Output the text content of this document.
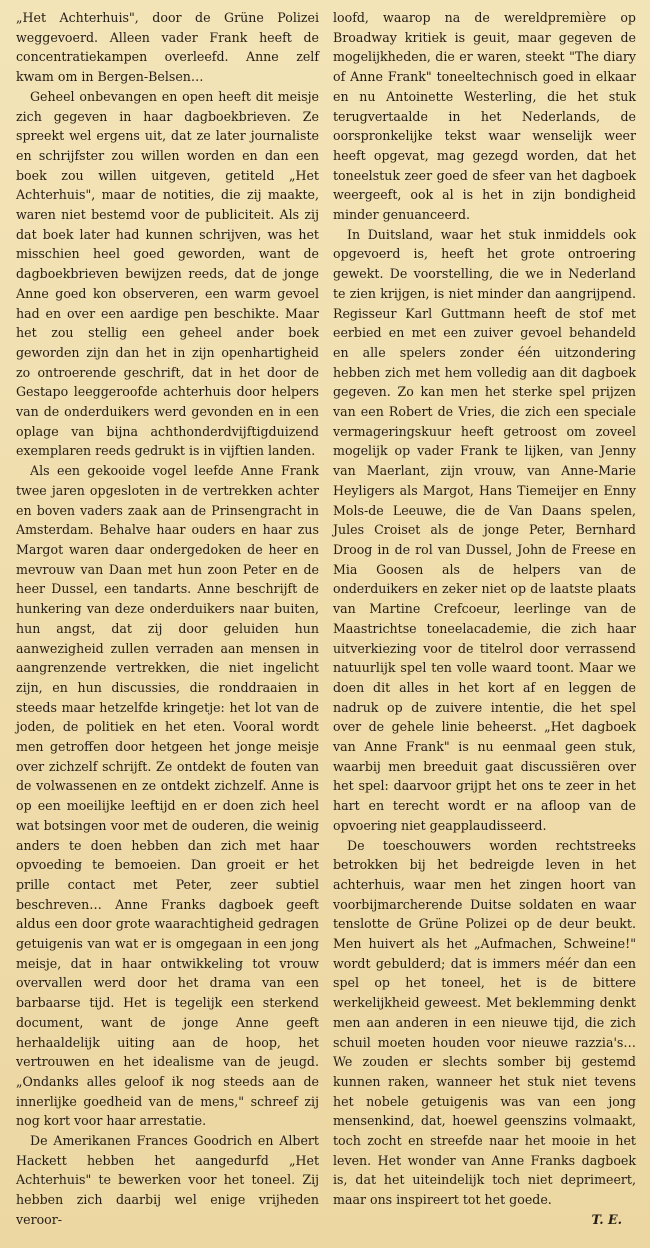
„Het Achterhuis", door de Grüne Polizei weggevoerd. Alleen vader Frank heeft de concentratiekampen overleefd. Anne zelf kwam om in Bergen-Belsen…

Geheel onbevangen en open heeft dit meisje zich gegeven in haar dagboekbrieven. Ze spreekt wel ergens uit, dat ze later journaliste en schrijfster zou willen worden en dan een boek zou willen uitgeven, getiteld „Het Achterhuis", maar de notities, die zij maakte, waren niet bestemd voor de publiciteit. Als zij dat boek later had kunnen schrijven, was het misschien heel goed geworden, want de dagboekbrieven bewijzen reeds, dat de jonge Anne goed kon observeren, een warm gevoel had en over een aardige pen beschikte. Maar het zou stellig een geheel ander boek geworden zijn dan het in zijn openhartigheid zo ontroerende geschrift, dat in het door de Gestapo leeggeroofde achterhuis door helpers van de onderduikers werd gevonden en in een oplage van bijna achthonderdvijftigduizend exemplaren reeds gedrukt is in vijftien landen.

Als een gekooide vogel leefde Anne Frank twee jaren opgesloten in de vertrekken achter en boven vaders zaak aan de Prinsengracht in Amsterdam. Behalve haar ouders en haar zus Margot waren daar ondergedoken de heer en mevrouw van Daan met hun zoon Peter en de heer Dussel, een tandarts. Anne beschrijft de hunkering van deze onderduikers naar buiten, hun angst, dat zij door geluiden hun aanwezigheid zullen verraden aan mensen in aangrenzende vertrekken, die niet ingelicht zijn, en hun discussies, die ronddraaien in steeds maar hetzelfde kringetje: het lot van de joden, de politiek en het eten. Vooral wordt men getroffen door hetgeen het jonge meisje over zichzelf schrijft. Ze ontdekt de fouten van de volwassenen en ze ontdekt zichzelf. Anne is op een moeilijke leeftijd en er doen zich heel wat botsingen voor met de ouderen, die weinig anders te doen hebben dan zich met haar opvoeding te bemoeien. Dan groeit er het prille contact met Peter, zeer subtiel beschreven… Anne Franks dagboek geeft aldus een door grote waarachtigheid gedragen getuigenis van wat er is omgegaan in een jong meisje, dat in haar ontwikkeling tot vrouw overvallen werd door het drama van een barbaarse tijd. Het is tegelijk een sterkend document, want de jonge Anne geeft herhaaldelijk uiting aan de hoop, het vertrouwen en het idealisme van de jeugd. „Ondanks alles geloof ik nog steeds aan de innerlijke goedheid van de mens," schreef zij nog kort voor haar arrestatie.

De Amerikanen Frances Goodrich en Albert Hackett hebben het aangedurfd „Het Achterhuis" te bewerken voor het toneel. Zij hebben zich daarbij wel enige vrijheden veroor-

loofd, waarop na de wereldpremière op Broadway kritiek is geuit, maar gegeven de mogelijkheden, die er waren, steekt "The diary of Anne Frank" toneeltechnisch goed in elkaar en nu Antoinette Westerling, die het stuk terugvertaalde in het Nederlands, de oorspronkelijke tekst waar wenselijk weer heeft opgevat, mag gezegd worden, dat het toneelstuk zeer goed de sfeer van het dagboek weergeeft, ook al is het in zijn bondigheid minder genuanceerd.

In Duitsland, waar het stuk inmiddels ook opgevoerd is, heeft het grote ontroering gewekt. De voorstelling, die we in Nederland te zien krijgen, is niet minder dan aangrijpend. Regisseur Karl Guttmann heeft de stof met eerbied en met een zuiver gevoel behandeld en alle spelers zonder één uitzondering hebben zich met hem volledig aan dit dagboek gegeven. Zo kan men het sterke spel prijzen van een Robert de Vries, die zich een speciale vermageringskuur heeft getroost om zoveel mogelijk op vader Frank te lijken, van Jenny van Maerlant, zijn vrouw, van Anne-Marie Heyligers als Margot, Hans Tiemeijer en Enny Mols-de Leeuwe, die de Van Daans spelen, Jules Croiset als de jonge Peter, Bernhard Droog in de rol van Dussel, John de Freese en Mia Goosen als de helpers van de onderduikers en zeker niet op de laatste plaats van Martine Crefcoeur, leerlinge van de Maastrichtse toneelacademie, die zich haar uitverkiezing voor de titelrol door verrassend natuurlijk spel ten volle waard toont. Maar we doen dit alles in het kort af en leggen de nadruk op de zuivere intentie, die het spel over de gehele linie beheerst. „Het dagboek van Anne Frank" is nu eenmaal geen stuk, waarbij men breeduit gaat discussiëren over het spel: daarvoor grijpt het ons te zeer in het hart en terecht wordt er na afloop van de opvoering niet geapplaudisseerd.

De toeschouwers worden rechtstreeks betrokken bij het bedreigde leven in het achterhuis, waar men het zingen hoort van voorbijmarcherende Duitse soldaten en waar tenslotte de Grüne Polizei op de deur beukt. Men huivert als het „Aufmachen, Schweine!" wordt gebulderd; dat is immers méér dan een spel op het toneel, het is de bittere werkelijkheid geweest. Met beklemming denkt men aan anderen in een nieuwe tijd, die zich schuil moeten houden voor nieuwe razzia's… We zouden er slechts somber bij gestemd kunnen raken, wanneer het stuk niet tevens het nobele getuigenis was van een jong mensenkind, dat, hoewel geenszins volmaakt, toch zocht en streefde naar het mooie in het leven. Het wonder van Anne Franks dagboek is, dat het uiteindelijk toch niet deprimeert, maar ons inspireert tot het goede.

T. E.
